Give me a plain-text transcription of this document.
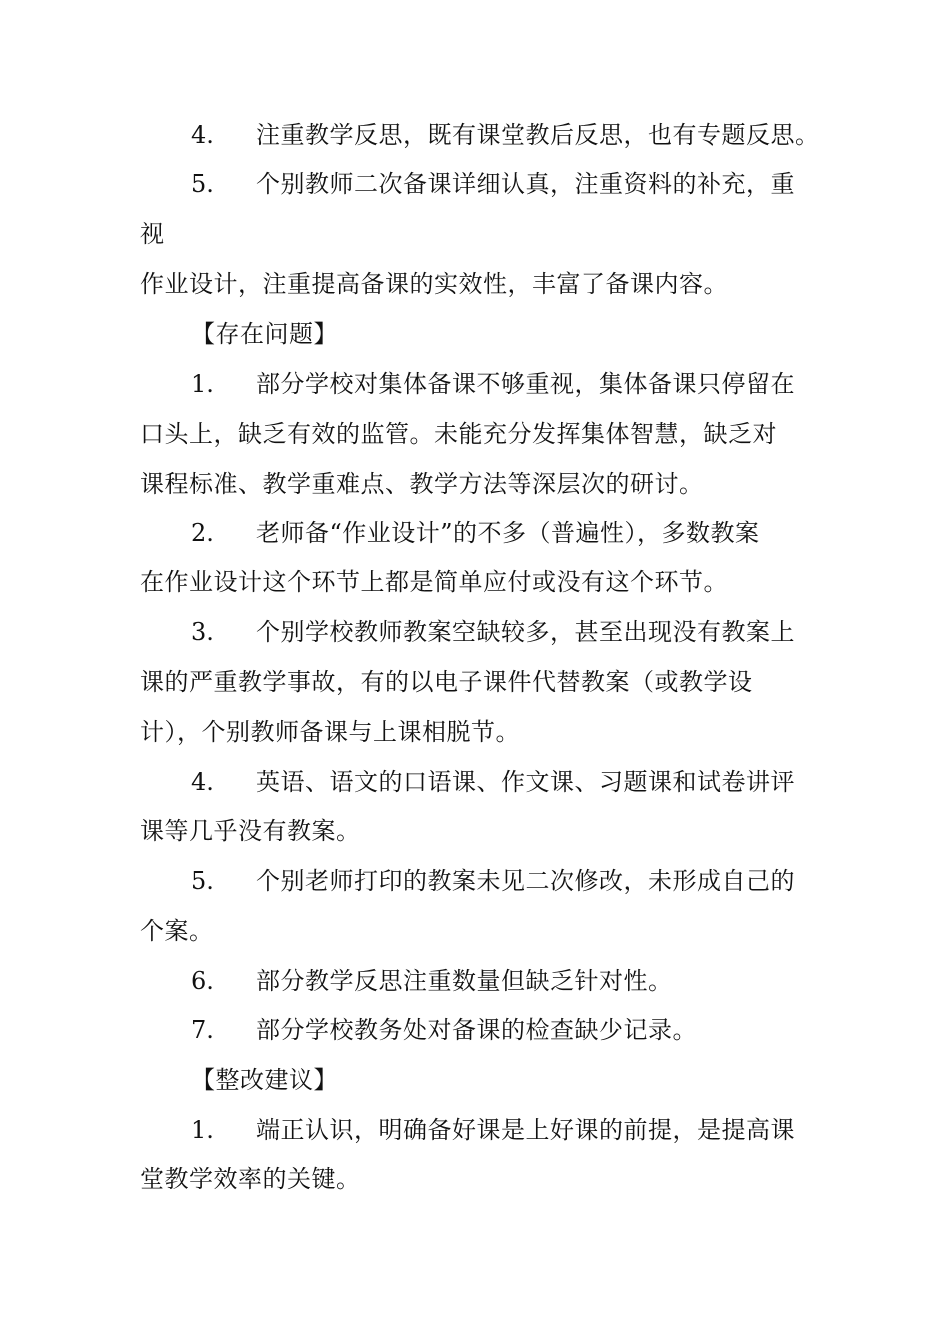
4. 注重教学反思，既有课堂教后反思，也有专题反思。
5. 个别教师二次备课详细认真，注重资料的补充，重
视
作业设计，注重提高备课的实效性，丰富了备课内容。
【存在问题】
1. 部分学校对集体备课不够重视，集体备课只停留在
口头上，缺乏有效的监管。未能充分发挥集体智慧，缺乏对
课程标准、教学重难点、教学方法等深层次的研讨。
2. 老师备“作业设计”的不多（普遍性），多数教案
在作业设计这个环节上都是简单应付或没有这个环节。
3. 个别学校教师教案空缺较多，甚至出现没有教案上
课的严重教学事故，有的以电子课件代替教案（或教学设
计），个别教师备课与上课相脱节。
4. 英语、语文的口语课、作文课、习题课和试卷讲评
课等几乎没有教案。
5. 个别老师打印的教案未见二次修改，未形成自己的
个案。
6. 部分教学反思注重数量但缺乏针对性。
7. 部分学校教务处对备课的检查缺少记录。
【整改建议】
1. 端正认识，明确备好课是上好课的前提，是提高课
堂教学效率的关键。
